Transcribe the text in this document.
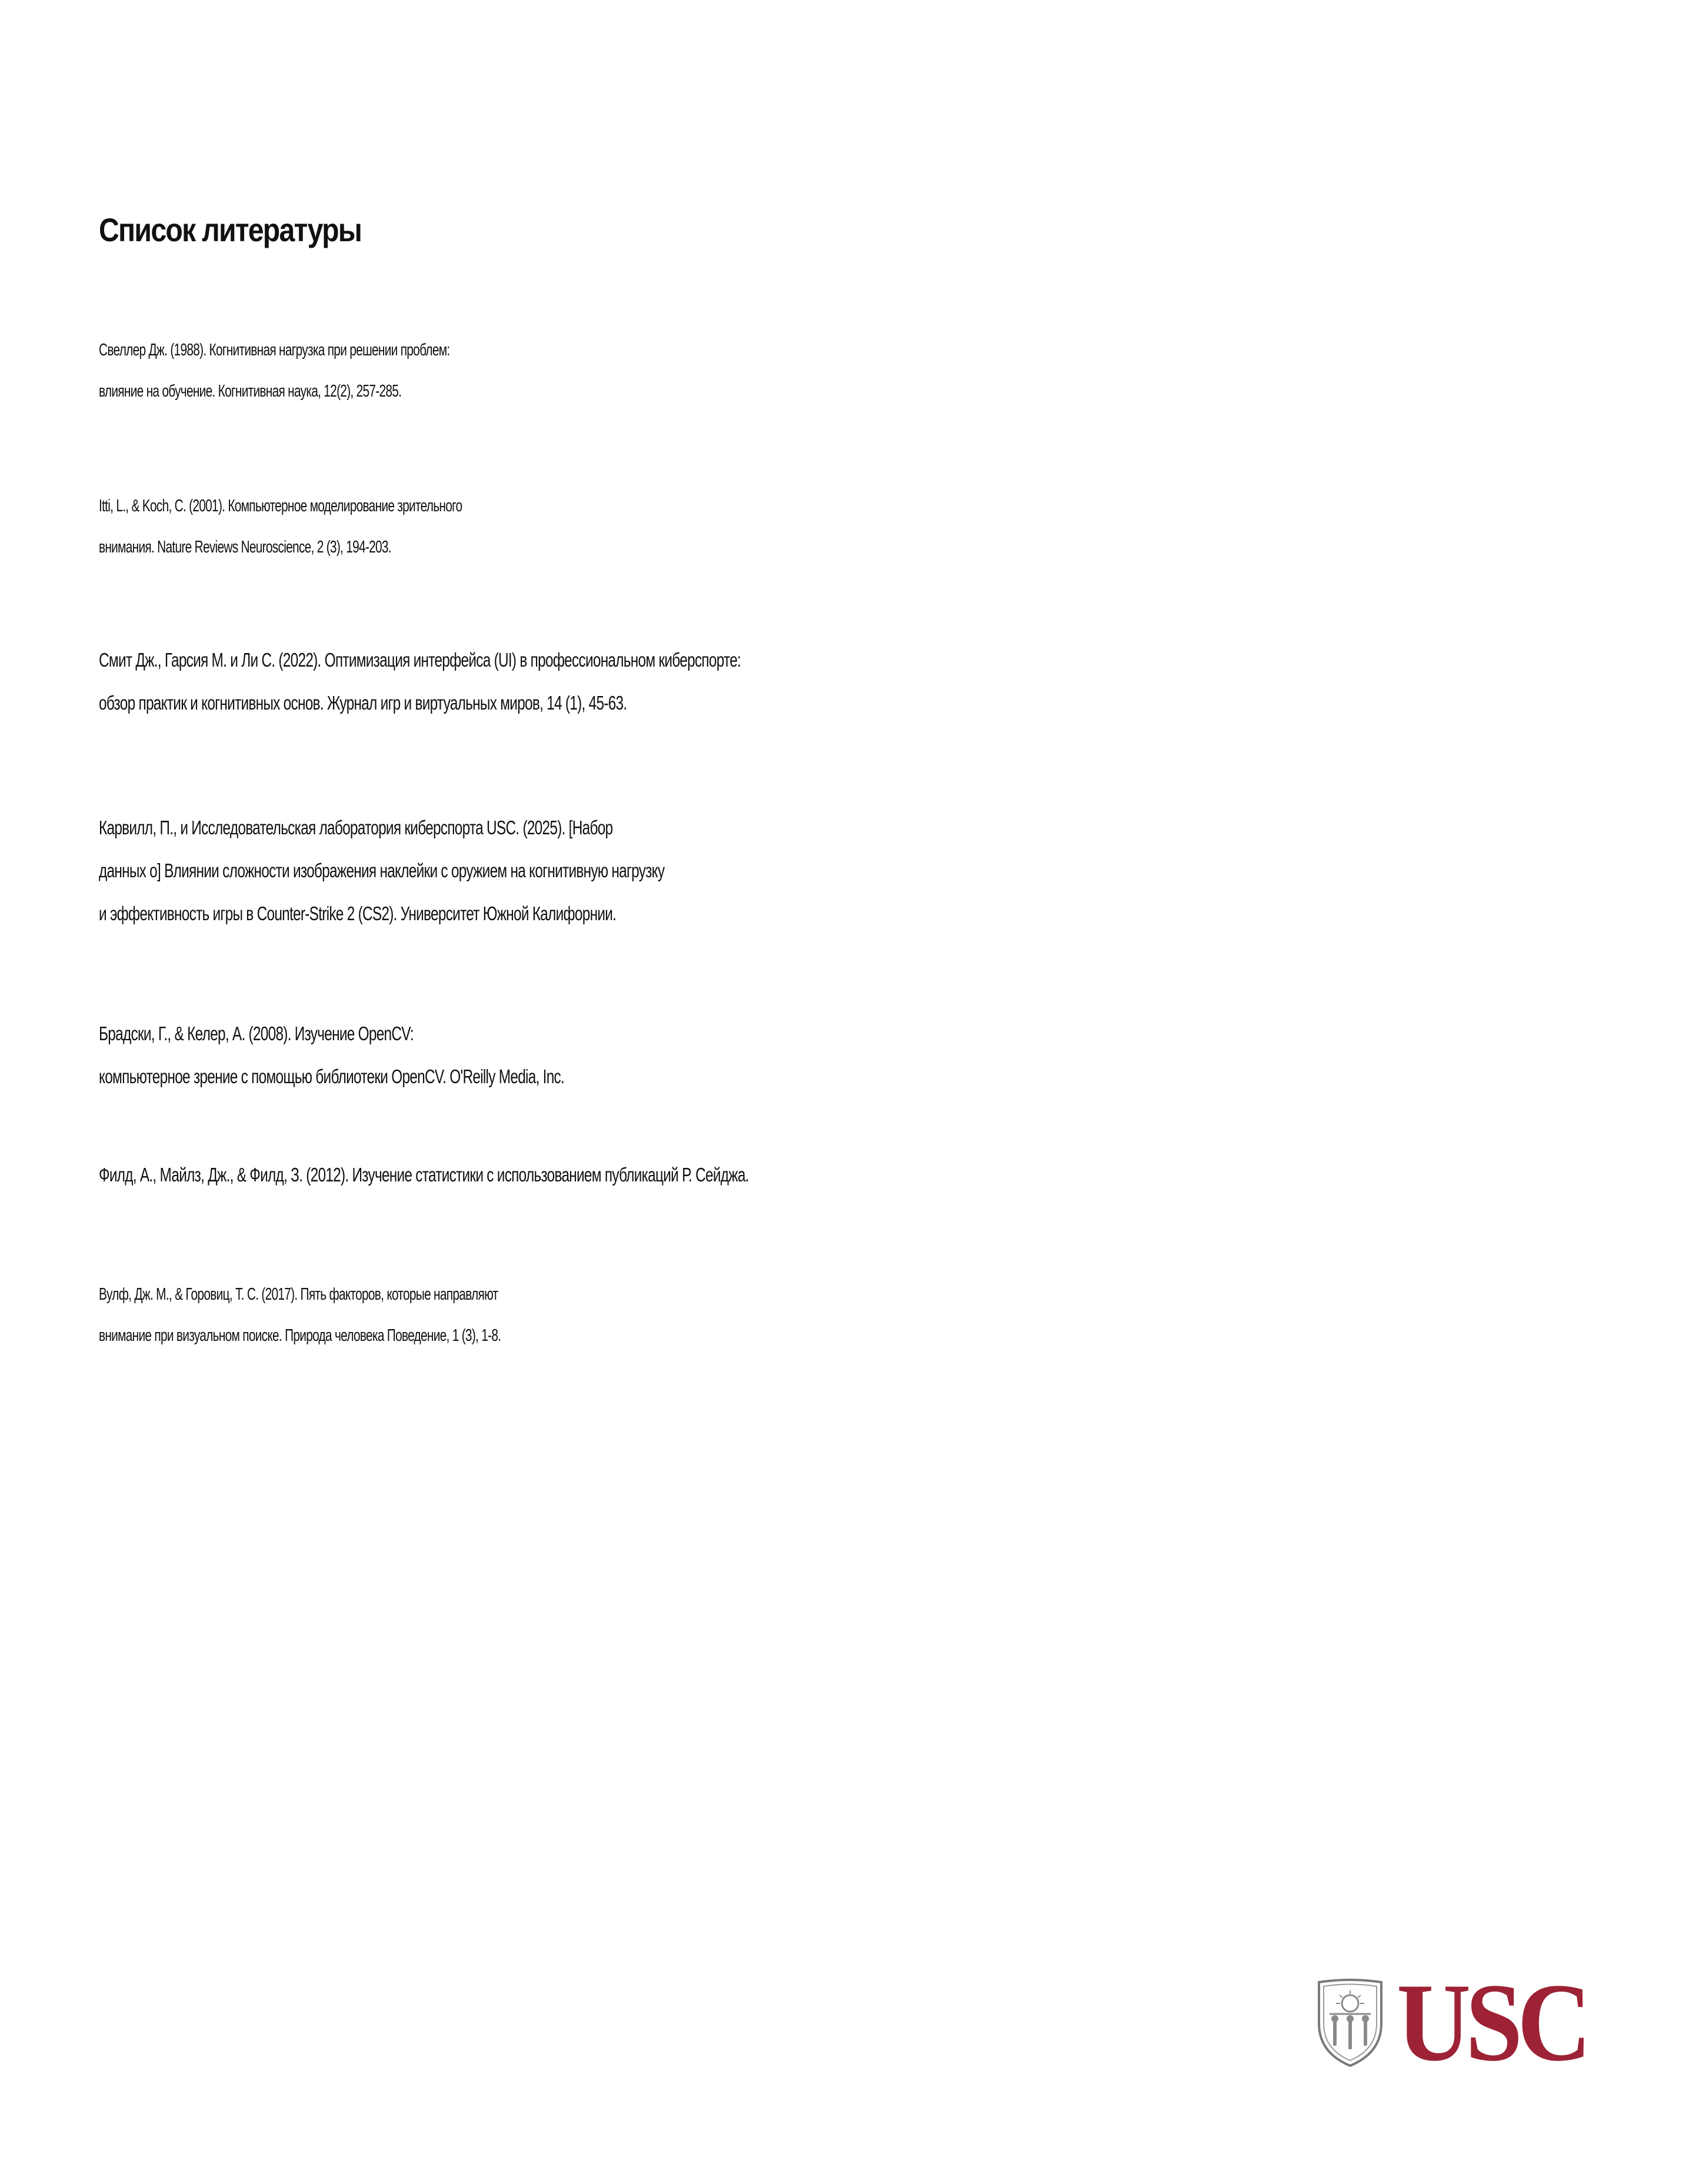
Список литературы
Свеллер Дж. (1988). Когнитивная нагрузка при решении проблем:
влияние на обучение. Когнитивная наука, 12(2), 257-285.
Itti, L., & Koch, C. (2001). Компьютерное моделирование зрительного
внимания. Nature Reviews Neuroscience, 2 (3), 194-203.
Смит Дж., Гарсия М. и Ли С. (2022). Оптимизация интерфейса (UI) в профессиональном киберспорте:
обзор практик и когнитивных основ. Журнал игр и виртуальных миров, 14 (1), 45-63.
Карвилл, П., и Исследовательская лаборатория киберспорта USC. (2025). [Набор
данных о] Влиянии сложности изображения наклейки с оружием на когнитивную нагрузку
и эффективность игры в Counter-Strike 2 (CS2). Университет Южной Калифорнии.
Брадски, Г., & Келер, А. (2008). Изучение OpenCV:
компьютерное зрение с помощью библиотеки OpenCV. O'Reilly Media, Inc.
Филд, А., Майлз, Дж., & Филд, З. (2012). Изучение статистики с использованием публикаций Р. Сейджа.
Вулф, Дж. М., & Горовиц, Т. С. (2017). Пять факторов, которые направляют
внимание при визуальном поиске. Природа человека Поведение, 1 (3), 1-8.
USC
